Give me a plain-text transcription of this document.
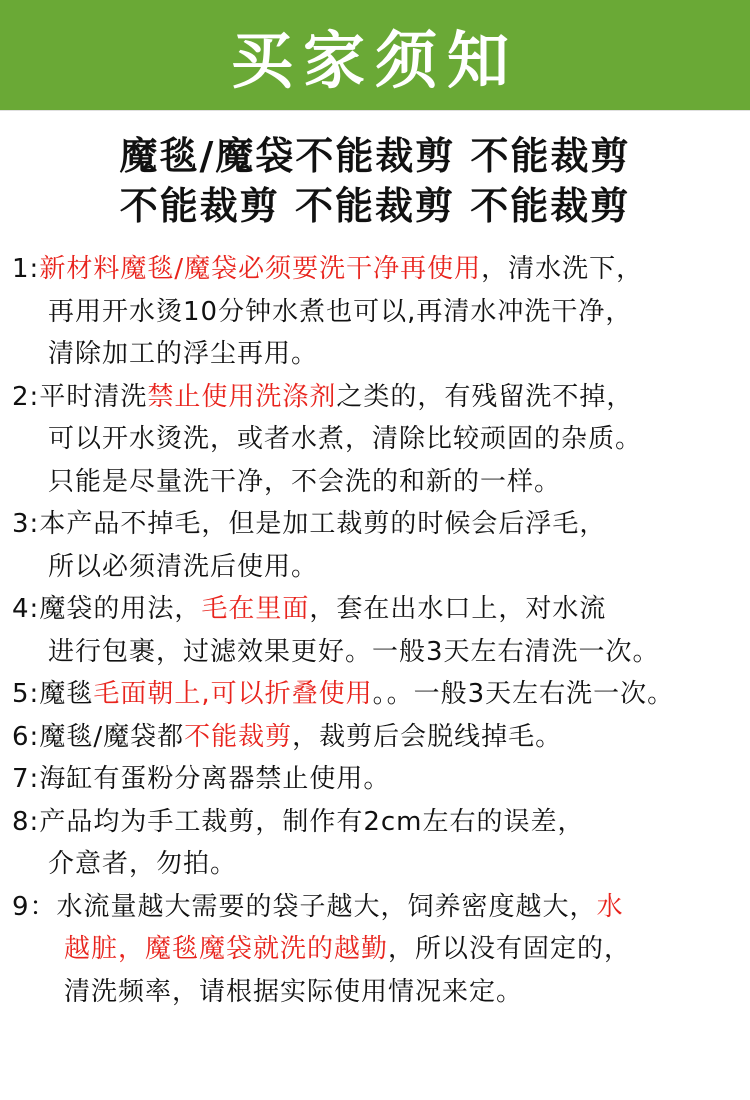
买家须知
魔毯/魔袋不能裁剪 不能裁剪
不能裁剪 不能裁剪 不能裁剪
1:新材料魔毯/魔袋必须要洗干净再使用，清水洗下，
再用开水烫10分钟水煮也可以,再清水冲洗干净，
清除加工的浮尘再用。
2:平时清洗禁止使用洗涤剂之类的，有残留洗不掉，
可以开水烫洗，或者水煮，清除比较顽固的杂质。
只能是尽量洗干净，不会洗的和新的一样。
3:本产品不掉毛，但是加工裁剪的时候会后浮毛，
所以必须清洗后使用。
4:魔袋的用法，毛在里面，套在出水口上，对水流
进行包裹，过滤效果更好。一般3天左右清洗一次。
5:魔毯毛面朝上,可以折叠使用。。一般3天左右洗一次。
6:魔毯/魔袋都不能裁剪，裁剪后会脱线掉毛。
7:海缸有蛋粉分离器禁止使用。
8:产品均为手工裁剪，制作有2cm左右的误差，
介意者，勿拍。
9：水流量越大需要的袋子越大，饲养密度越大，水
越脏，魔毯魔袋就洗的越勤，所以没有固定的，
清洗频率，请根据实际使用情况来定。
